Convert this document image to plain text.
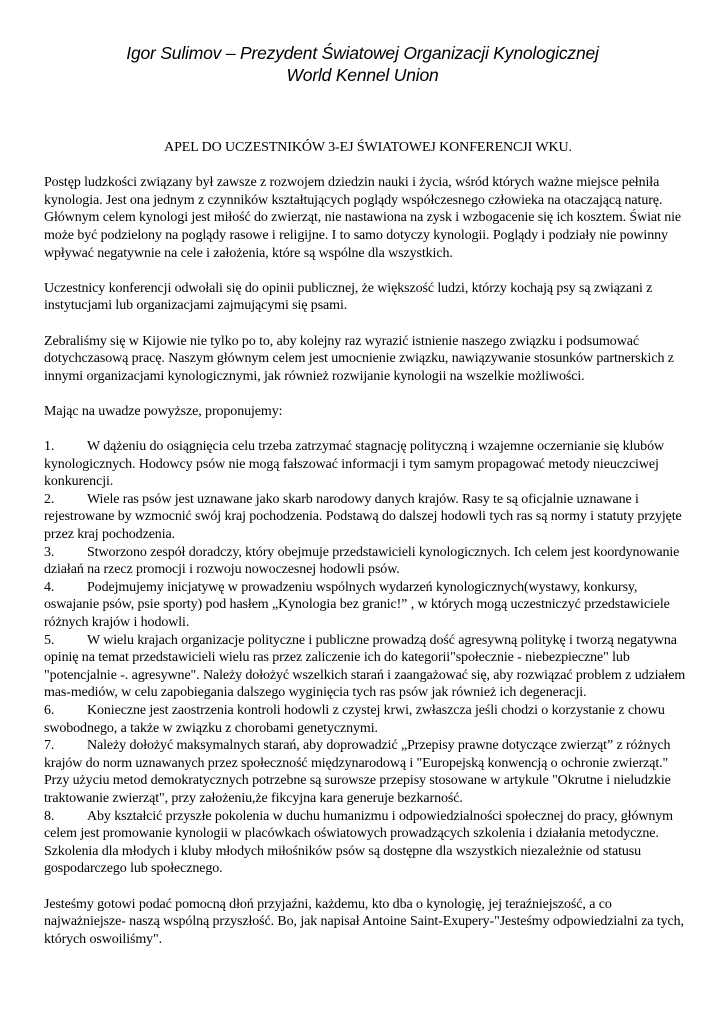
Igor Sulimov – Prezydent Światowej Organizacji Kynologicznej
World Kennel Union
APEL DO UCZESTNIKÓW 3-EJ ŚWIATOWEJ KONFERENCJI WKU.

Postęp ludzkości związany był zawsze z rozwojem dziedzin nauki i życia, wśród których ważne miejsce pełniła kynologia. Jest ona jednym z czynników kształtujących poglądy współczesnego człowieka na otaczającą naturę. Głównym celem kynologi jest miłość do zwierząt, nie nastawiona na zysk i wzbogacenie się ich kosztem. Świat nie może być podzielony na poglądy rasowe i religijne. I to samo dotyczy kynologii. Poglądy i podziały nie powinny wpływać negatywnie na cele i założenia, które są wspólne dla wszystkich.

Uczestnicy konferencji odwołali się do opinii publicznej, że większość ludzi, którzy kochają psy są związani z instytucjami lub organizacjami zajmującymi się psami.

Zebraliśmy się w Kijowie nie tylko po to, aby kolejny raz wyrazić istnienie naszego związku i podsumować dotychczasową pracę. Naszym głównym celem jest umocnienie związku, nawiązywanie stosunków partnerskich z innymi organizacjami kynologicznymi, jak również rozwijanie kynologii na wszelkie możliwości.

Mając na uwadze powyższe, proponujemy:

1. W dążeniu do osiągnięcia celu trzeba zatrzymać stagnację polityczną i wzajemne oczernianie się klubów kynologicznych. Hodowcy psów nie mogą fałszować informacji i tym samym propagować metody nieuczciwej konkurencji.
2. Wiele ras psów jest uznawane jako skarb narodowy danych krajów. Rasy te są oficjalnie uznawane i rejestrowane by wzmocnić swój kraj pochodzenia. Podstawą do dalszej hodowli tych ras są normy i statuty przyjęte przez kraj pochodzenia.
3. Stworzono zespół doradczy, który obejmuje przedstawicieli kynologicznych. Ich celem jest koordynowanie działań na rzecz promocji i rozwoju nowoczesnej hodowli psów.
4. Podejmujemy inicjatywę w prowadzeniu wspólnych wydarzeń kynologicznych(wystawy, konkursy, oswajanie psów, psie sporty) pod hasłem „Kynologia bez granic!” , w których mogą uczestniczyć przedstawiciele różnych krajów i hodowli.
5. W wielu krajach organizacje polityczne i publiczne prowadzą dość agresywną politykę i tworzą negatywna opinię na temat przedstawicieli wielu ras przez zaliczenie ich do kategorii"społecznie - niebezpieczne" lub "potencjalnie -. agresywne". Należy dołożyć wszelkich starań i zaangażować się, aby rozwiązać problem z udziałem mas-mediów, w celu zapobiegania dalszego wyginięcia tych ras psów jak również ich degeneracji.
6. Konieczne jest zaostrzenia kontroli hodowli z czystej krwi, zwłaszcza jeśli chodzi o korzystanie z chowu swobodnego, a także w związku z chorobami genetycznymi.
7. Należy dołożyć maksymalnych starań, aby doprowadzić „Przepisy prawne dotyczące zwierząt” z różnych krajów do norm uznawanych przez społeczność międzynarodową i "Europejską konwencją o ochronie zwierząt." Przy użyciu metod demokratycznych potrzebne są surowsze przepisy stosowane w artykule "Okrutne i nieludzkie traktowanie zwierząt", przy założeniu,że fikcyjna kara generuje bezkarność.
8. Aby kształcić przyszłe pokolenia w duchu humanizmu i odpowiedzialności społecznej do pracy, głównym celem jest promowanie kynologii w placówkach oświatowych prowadzących szkolenia i działania metodyczne. Szkolenia dla młodych i kluby młodych miłośników psów są dostępne dla wszystkich niezależnie od statusu gospodarczego lub społecznego.

Jesteśmy gotowi podać pomocną dłoń przyjaźni, każdemu, kto dba o kynologię, jej teraźniejszość, a co najważniejsze- naszą wspólną przyszłość. Bo, jak napisał Antoine Saint-Exupery-"Jesteśmy odpowiedzialni za tych, których oswoiliśmy".
